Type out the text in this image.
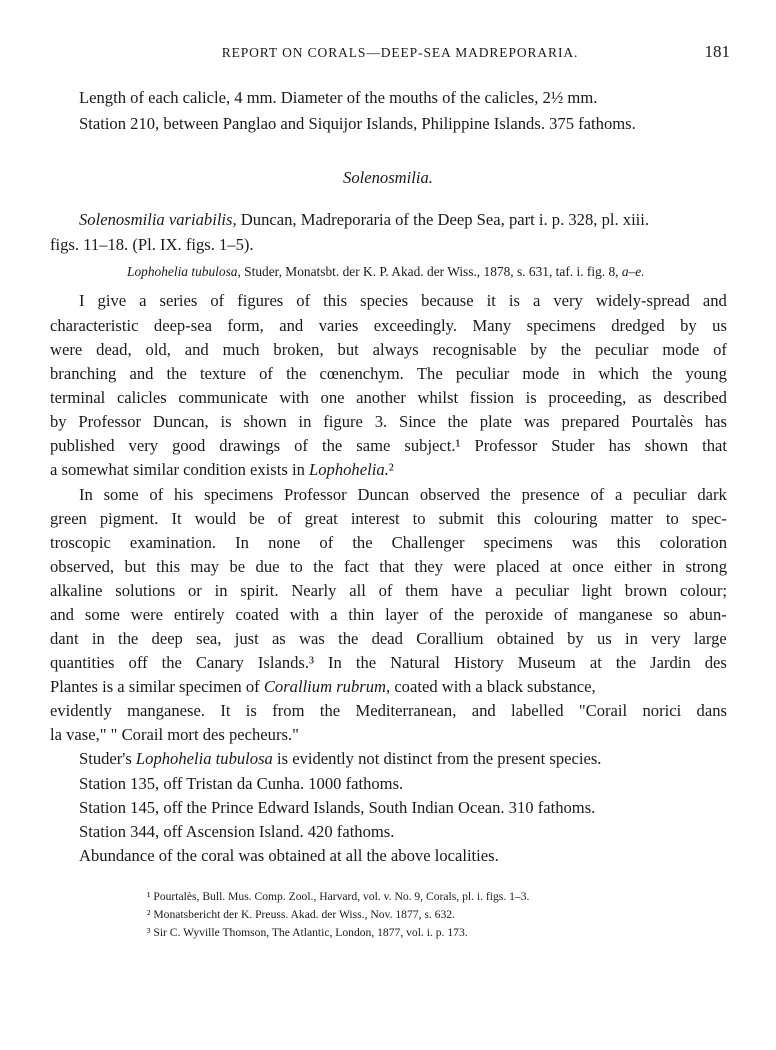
REPORT ON CORALS—DEEP-SEA MADREPORARIA.	181
Length of each calicle, 4 mm. Diameter of the mouths of the calicles, 2½ mm.
Station 210, between Panglao and Siquijor Islands, Philippine Islands. 375 fathoms.
Solenosmilia.
Solenosmilia variabilis, Duncan, Madreporaria of the Deep Sea, part i. p. 328, pl. xiii.
figs. 11–18. (Pl. IX. figs. 1–5).
Lophohelia tubulosa, Studer, Monatsbt. der K. P. Akad. der Wiss., 1878, s. 631, taf. i. fig. 8, a–e.
I give a series of figures of this species because it is a very widely-spread and
characteristic deep-sea form, and varies exceedingly. Many specimens dredged by us
were dead, old, and much broken, but always recognisable by the peculiar mode of
branching and the texture of the cœnenchym. The peculiar mode in which the young
terminal calicles communicate with one another whilst fission is proceeding, as described
by Professor Duncan, is shown in figure 3. Since the plate was prepared Pourtalès has
published very good drawings of the same subject.¹ Professor Studer has shown that
a somewhat similar condition exists in Lophohelia.²
In some of his specimens Professor Duncan observed the presence of a peculiar dark
green pigment. It would be of great interest to submit this colouring matter to spec-
troscopic examination. In none of the Challenger specimens was this coloration
observed, but this may be due to the fact that they were placed at once either in strong
alkaline solutions or in spirit. Nearly all of them have a peculiar light brown colour;
and some were entirely coated with a thin layer of the peroxide of manganese so abun-
dant in the deep sea, just as was the dead Corallium obtained by us in very large
quantities off the Canary Islands.³ In the Natural History Museum at the Jardin des
Plantes is a similar specimen of Corallium rubrum, coated with a black substance,
evidently manganese. It is from the Mediterranean, and labelled "Corail norici dans
la vase," " Corail mort des pecheurs."
Studer's Lophohelia tubulosa is evidently not distinct from the present species.
Station 135, off Tristan da Cunha. 1000 fathoms.
Station 145, off the Prince Edward Islands, South Indian Ocean. 310 fathoms.
Station 344, off Ascension Island. 420 fathoms.
Abundance of the coral was obtained at all the above localities.
¹ Pourtalès, Bull. Mus. Comp. Zool., Harvard, vol. v. No. 9, Corals, pl. i. figs. 1–3.
² Monatsbericht der K. Preuss. Akad. der Wiss., Nov. 1877, s. 632.
³ Sir C. Wyville Thomson, The Atlantic, London, 1877, vol. i. p. 173.
